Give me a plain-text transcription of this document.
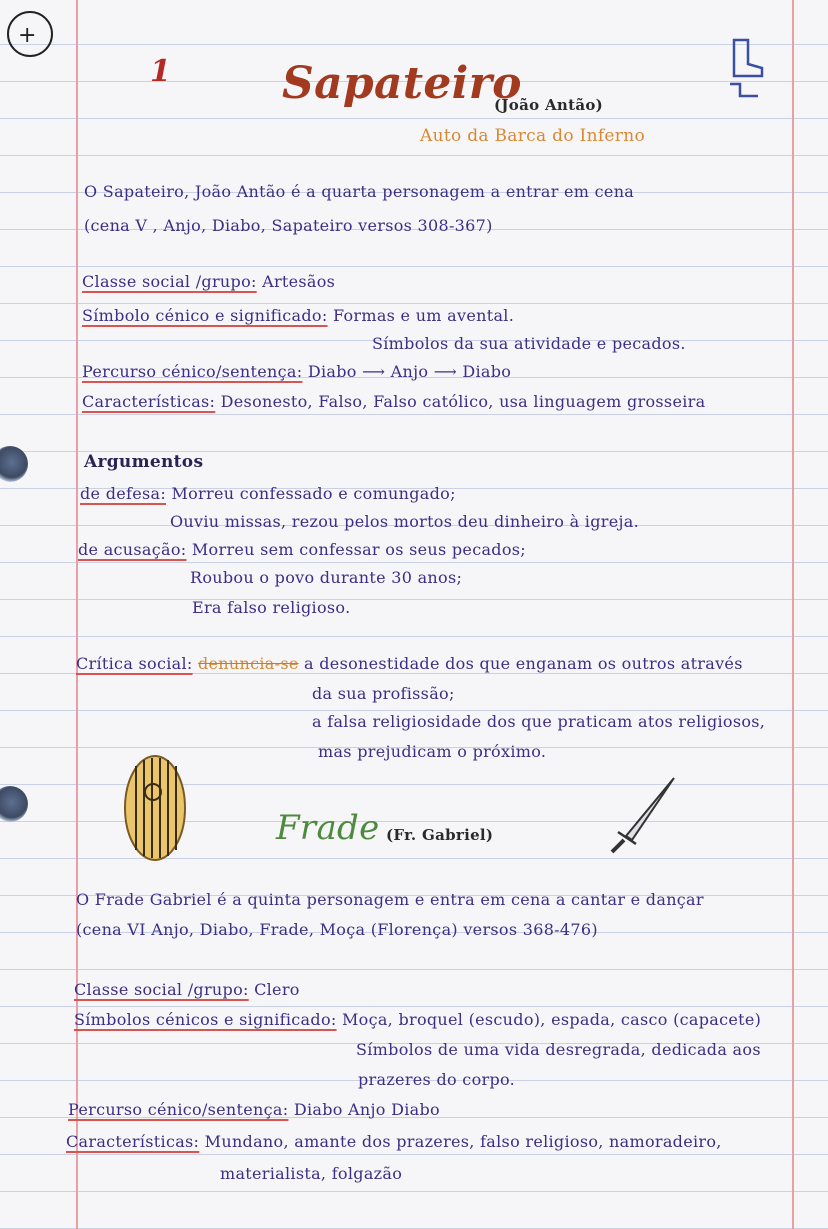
+
1	Sapateiro
(João Antão)
Auto da Barca do Inferno
O Sapateiro, João Antão é a quarta personagem a entrar em cena
(cena V , Anjo, Diabo, Sapateiro versos 308-367)
Classe social /grupo: Artesãos
Símbolo cénico e significado: Formas e um avental.
Símbolos da sua atividade e pecados.
Percurso cénico/sentença: Diabo ⟶ Anjo ⟶ Diabo
Características: Desonesto, Falso, Falso católico, usa linguagem grosseira
Argumentos
de defesa: Morreu confessado e comungado;
Ouviu missas, rezou pelos mortos deu dinheiro à igreja.
de acusação: Morreu sem confessar os seus pecados;
Roubou o povo durante 30 anos;
Era falso religioso.
Crítica social: denuncia-se a desonestidade dos que enganam os outros através
da sua profissão;
a falsa religiosidade dos que praticam atos religiosos,
mas prejudicam o próximo.
Frade (Fr. Gabriel)
O Frade Gabriel é a quinta personagem e entra em cena a cantar e dançar
(cena VI Anjo, Diabo, Frade, Moça (Florença) versos 368-476)
Classe social /grupo: Clero
Símbolos cénicos e significado: Moça, broquel (escudo), espada, casco (capacete)
Símbolos de uma vida desregrada, dedicada aos
prazeres do corpo.
Percurso cénico/sentença: Diabo Anjo Diabo
Características: Mundano, amante dos prazeres, falso religioso, namoradeiro,
materialista, folgazão
